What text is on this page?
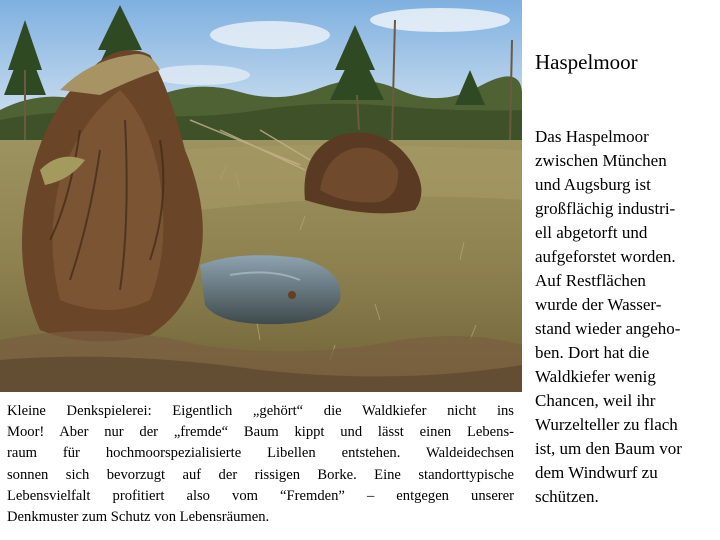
Haspelmoor
Das Haspelmoor
zwischen München
und Augsburg ist
großflächig industri-
ell abgetorft und
aufgeforstet worden.
Auf Restflächen
wurde der Wasser-
stand wieder angeho-
ben. Dort hat die
Waldkiefer wenig
Chancen, weil ihr
Wurzelteller zu flach
ist, um den Baum vor
dem Windwurf zu
schützen.
Kleine Denkspielerei: Eigentlich „gehört“ die Waldkiefer nicht ins
Moor! Aber nur der „fremde“ Baum kippt und lässt einen Lebens-
raum für hochmoorspezialisierte Libellen entstehen. Waldeidechsen
sonnen sich bevorzugt auf der rissigen Borke. Eine standorttypische
Lebensvielfalt profitiert also vom “Fremden” – entgegen unserer
Denkmuster zum Schutz von Lebensräumen.
